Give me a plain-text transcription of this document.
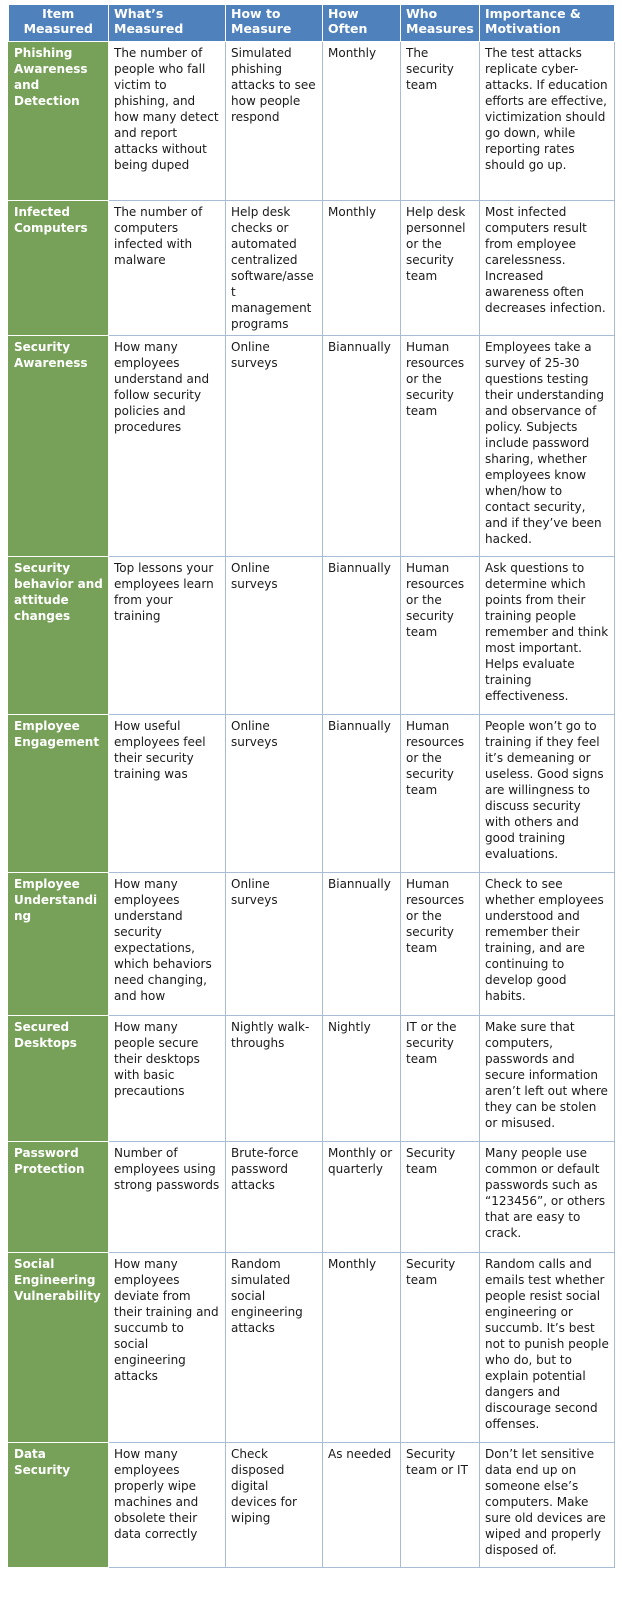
Item Measured	What’s Measured	How to Measure	How Often	Who Measures	Importance & Motivation
Phishing Awareness and Detection	The number of people who fall victim to phishing, and how many detect and report attacks without being duped	Simulated phishing attacks to see how people respond	Monthly	The security team	The test attacks replicate cyber-attacks. If education efforts are effective, victimization should go down, while reporting rates should go up.
Infected Computers	The number of computers infected with malware	Help desk checks or automated centralized software/asset management programs	Monthly	Help desk personnel or the security team	Most infected computers result from employee carelessness. Increased awareness often decreases infection.
Security Awareness	How many employees understand and follow security policies and procedures	Online surveys	Biannually	Human resources or the security team	Employees take a survey of 25-30 questions testing their understanding and observance of policy. Subjects include password sharing, whether employees know when/how to contact security, and if they’ve been hacked.
Security behavior and attitude changes	Top lessons your employees learn from your training	Online surveys	Biannually	Human resources or the security team	Ask questions to determine which points from their training people remember and think most important. Helps evaluate training effectiveness.
Employee Engagement	How useful employees feel their security training was	Online surveys	Biannually	Human resources or the security team	People won’t go to training if they feel it’s demeaning or useless. Good signs are willingness to discuss security with others and good training evaluations.
Employee Understanding	How many employees understand security expectations, which behaviors need changing, and how	Online surveys	Biannually	Human resources or the security team	Check to see whether employees understood and remember their training, and are continuing to develop good habits.
Secured Desktops	How many people secure their desktops with basic precautions	Nightly walk-throughs	Nightly	IT or the security team	Make sure that computers, passwords and secure information aren’t left out where they can be stolen or misused.
Password Protection	Number of employees using strong passwords	Brute-force password attacks	Monthly or quarterly	Security team	Many people use common or default passwords such as “123456”, or others that are easy to crack.
Social Engineering Vulnerability	How many employees deviate from their training and succumb to social engineering attacks	Random simulated social engineering attacks	Monthly	Security team	Random calls and emails test whether people resist social engineering or succumb. It’s best not to punish people who do, but to explain potential dangers and discourage second offenses.
Data Security	How many employees properly wipe machines and obsolete their data correctly	Check disposed digital devices for wiping	As needed	Security team or IT	Don’t let sensitive data end up on someone else’s computers. Make sure old devices are wiped and properly disposed of.
